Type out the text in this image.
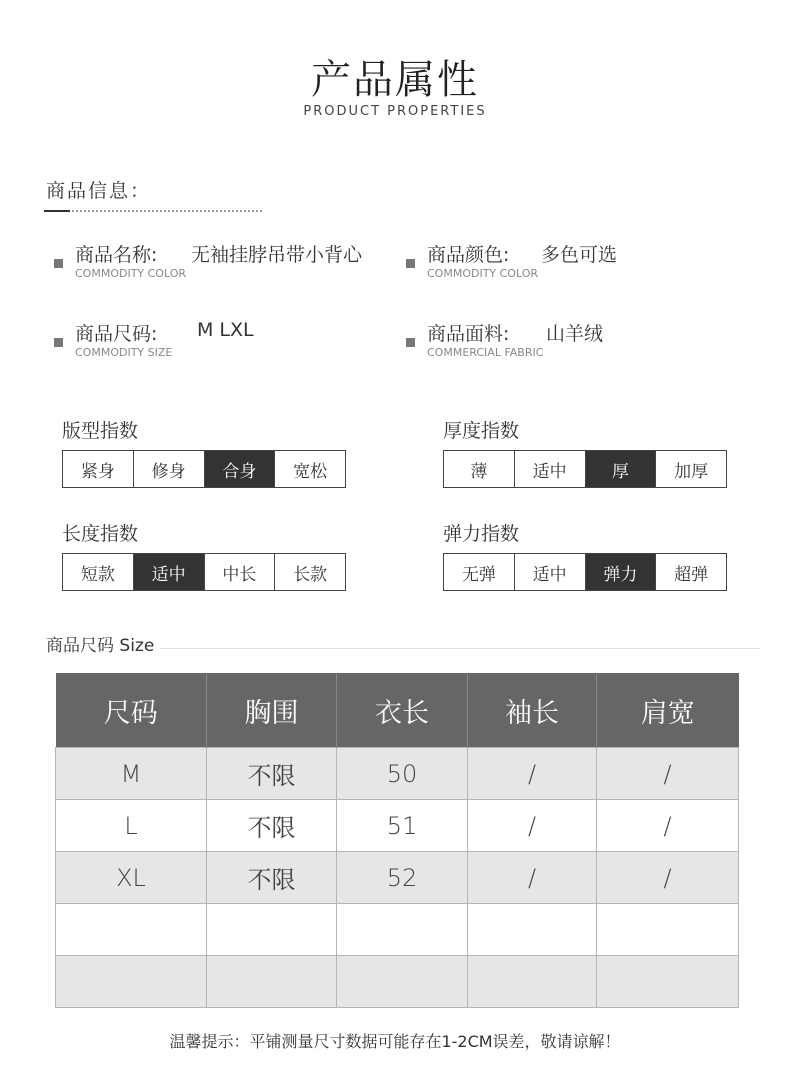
产品属性
PRODUCT PROPERTIES
商品信息：
商品名称:
COMMODITY COLOR
无袖挂脖吊带小背心	商品颜色:
COMMODITY COLOR
多色可选
商品尺码:
COMMODITY SIZE
M LXL	商品面料:
COMMERCIAL FABRIC
山羊绒
版型指数
紧身	修身	合身	宽松
厚度指数
薄	适中	厚	加厚
长度指数
短款	适中	中长	长款
弹力指数
无弹	适中	弹力	超弹
商品尺码 Size
尺码	胸围	衣长	袖长	肩宽
M	不限	50	/	/
L	不限	51	/	/
XL	不限	52	/	/

温馨提示：平铺测量尺寸数据可能存在1-2CM误差，敬请谅解！
